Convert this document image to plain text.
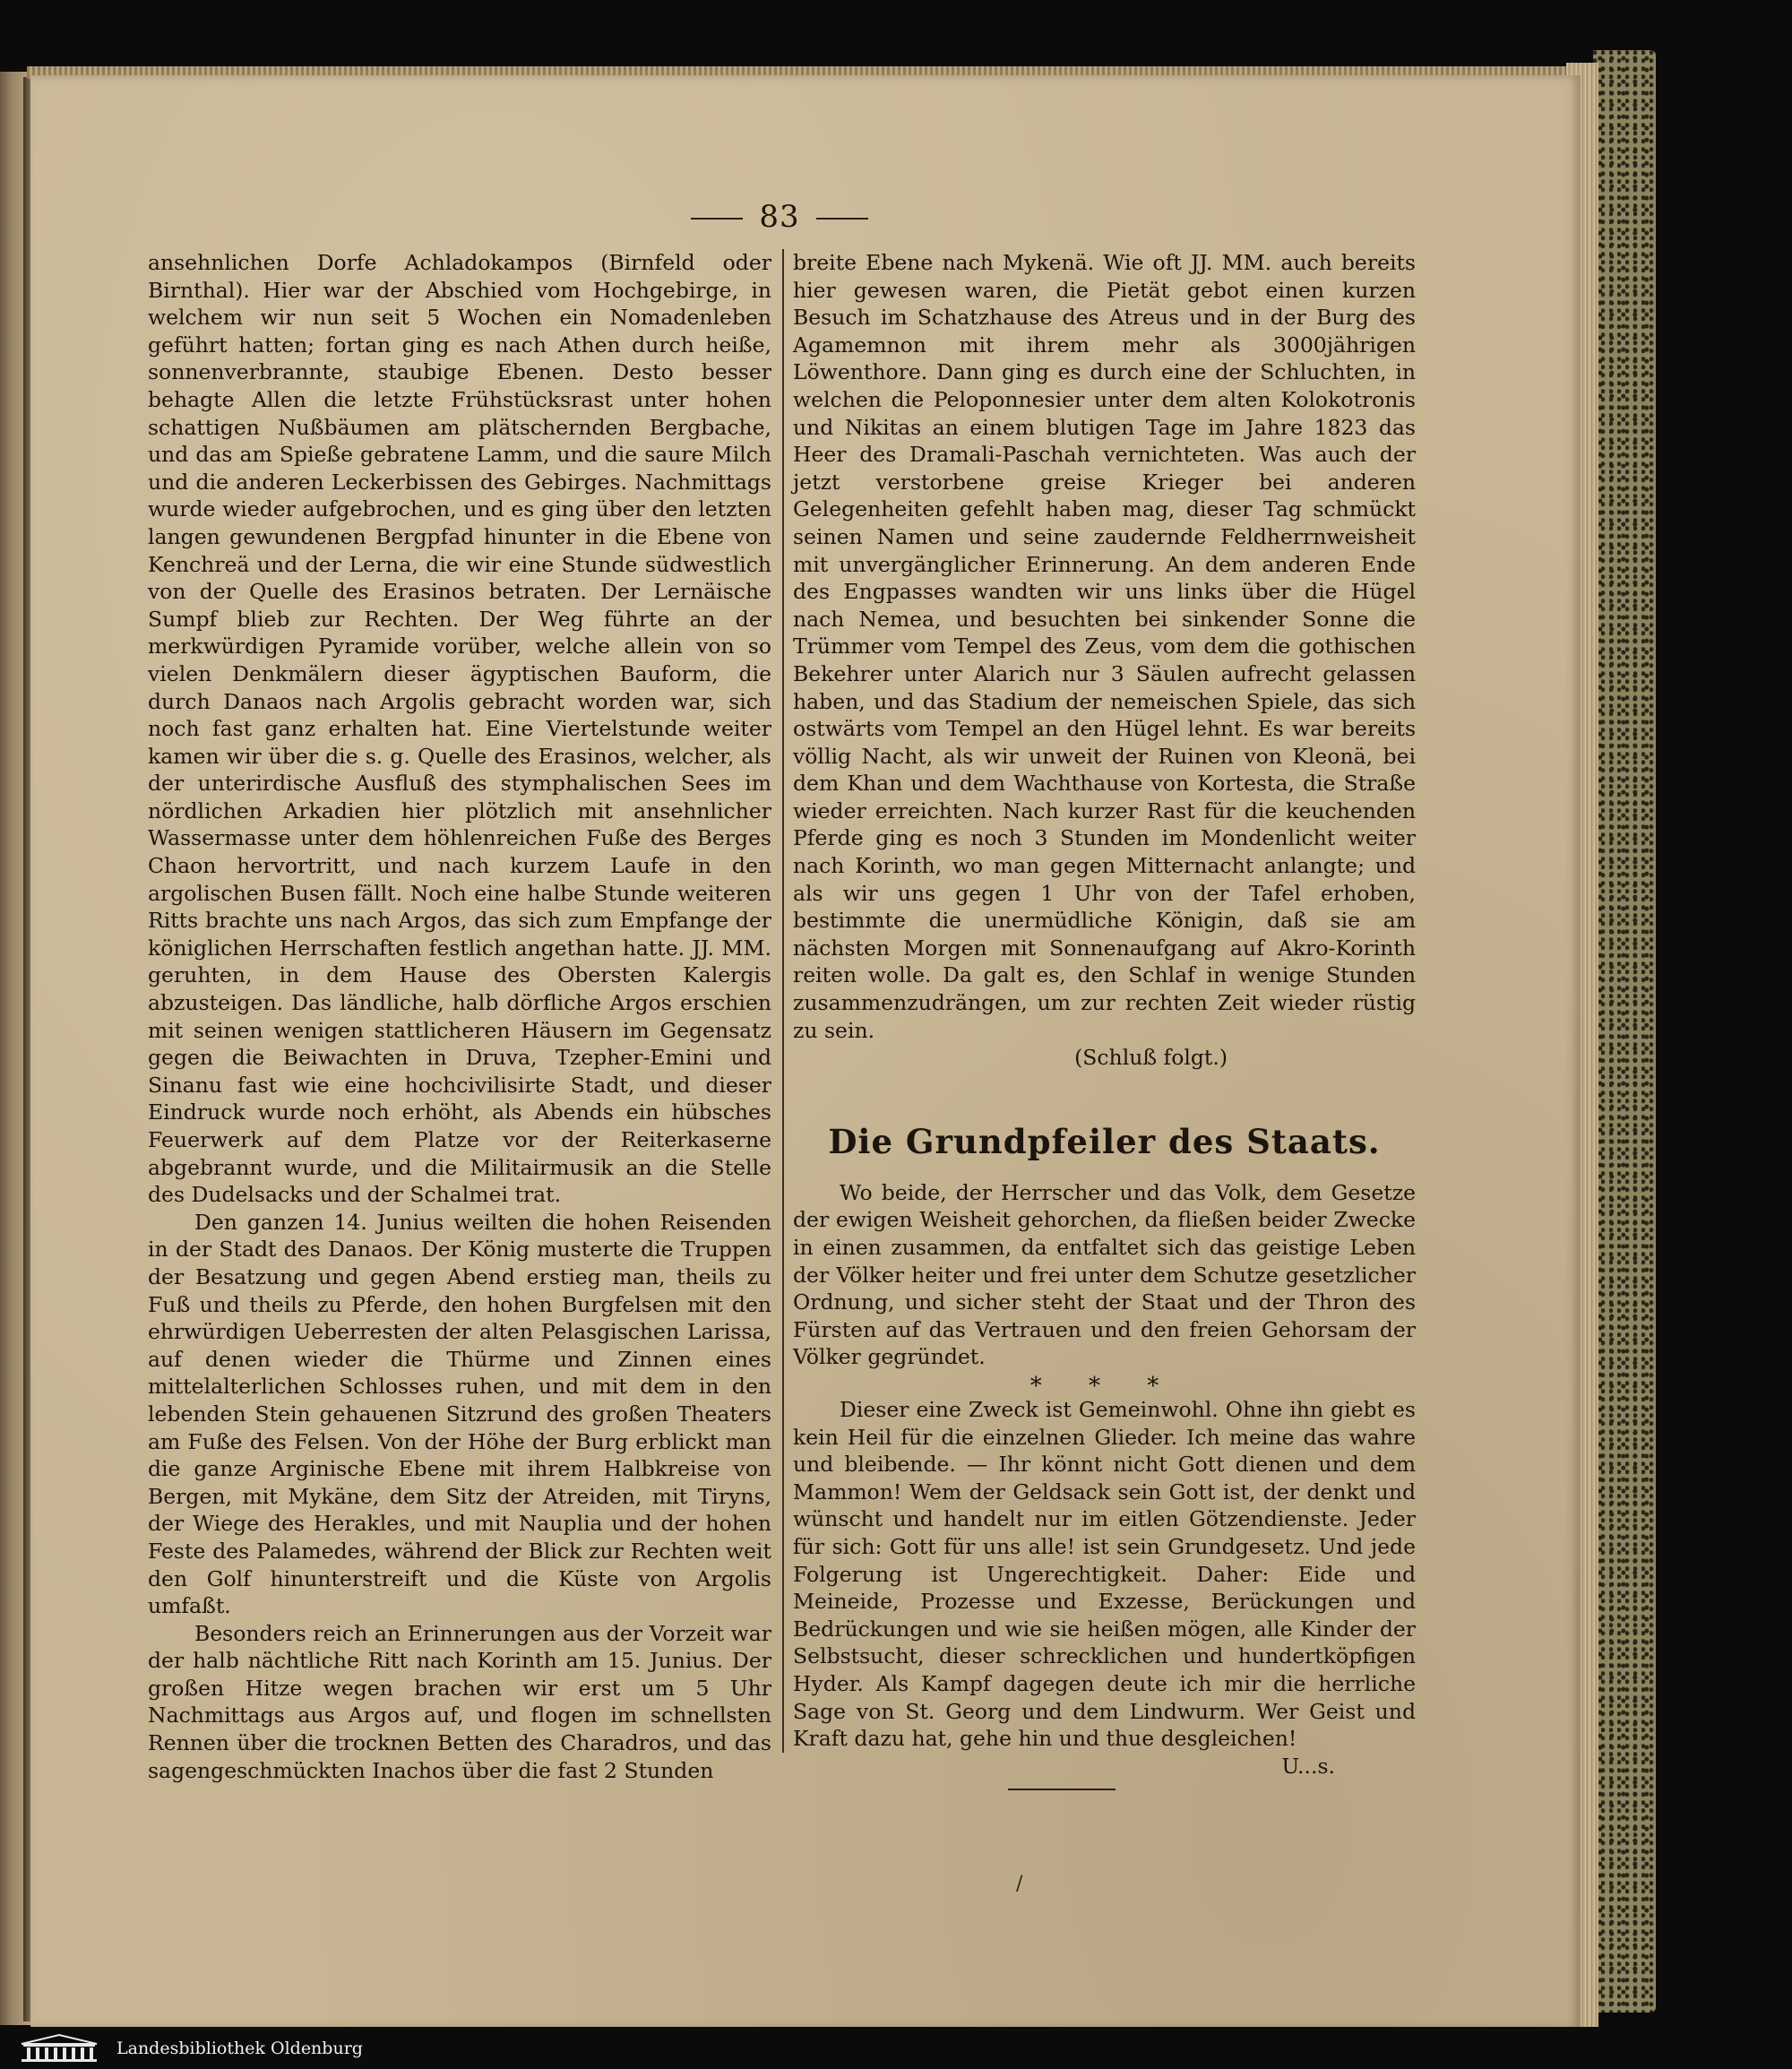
83

ansehnlichen Dorfe Achladokampos (Birnfeld oder Birnthal). Hier war der Abschied vom Hochgebirge, in welchem wir nun seit 5 Wochen ein Nomadenleben geführt hatten; fortan ging es nach Athen durch heiße, sonnenverbrannte, staubige Ebenen. Desto besser behagte Allen die letzte Frühstücksrast unter hohen schattigen Nußbäumen am plätschernden Bergbache, und das am Spieße gebratene Lamm, und die saure Milch und die anderen Leckerbissen des Gebirges. Nachmittags wurde wieder aufgebrochen, und es ging über den letzten langen gewundenen Bergpfad hinunter in die Ebene von Kenchreä und der Lerna, die wir eine Stunde südwestlich von der Quelle des Erasinos betraten. Der Lernäische Sumpf blieb zur Rechten. Der Weg führte an der merkwürdigen Pyramide vorüber, welche allein von so vielen Denkmälern dieser ägyptischen Bauform, die durch Danaos nach Argolis gebracht worden war, sich noch fast ganz erhalten hat. Eine Viertelstunde weiter kamen wir über die s. g. Quelle des Erasinos, welcher, als der unterirdische Ausfluß des stymphalischen Sees im nördlichen Arkadien hier plötzlich mit ansehnlicher Wassermasse unter dem höhlenreichen Fuße des Berges Chaon hervortritt, und nach kurzem Laufe in den argolischen Busen fällt. Noch eine halbe Stunde weiteren Ritts brachte uns nach Argos, das sich zum Empfange der königlichen Herrschaften festlich angethan hatte. JJ. MM. geruhten, in dem Hause des Obersten Kalergis abzusteigen. Das ländliche, halb dörfliche Argos erschien mit seinen wenigen stattlicheren Häusern im Gegensatz gegen die Beiwachten in Druva, Tzepher-Emini und Sinanu fast wie eine hochcivilisirte Stadt, und dieser Eindruck wurde noch erhöht, als Abends ein hübsches Feuerwerk auf dem Platze vor der Reiterkaserne abgebrannt wurde, und die Militairmusik an die Stelle des Dudelsacks und der Schalmei trat.

Den ganzen 14. Junius weilten die hohen Reisenden in der Stadt des Danaos. Der König musterte die Truppen der Besatzung und gegen Abend erstieg man, theils zu Fuß und theils zu Pferde, den hohen Burgfelsen mit den ehrwürdigen Ueberresten der alten Pelasgischen Larissa, auf denen wieder die Thürme und Zinnen eines mittelalterlichen Schlosses ruhen, und mit dem in den lebenden Stein gehauenen Sitzrund des großen Theaters am Fuße des Felsen. Von der Höhe der Burg erblickt man die ganze Arginische Ebene mit ihrem Halbkreise von Bergen, mit Mykäne, dem Sitz der Atreiden, mit Tiryns, der Wiege des Herakles, und mit Nauplia und der hohen Feste des Palamedes, während der Blick zur Rechten weit den Golf hinunterstreift und die Küste von Argolis umfaßt.

Besonders reich an Erinnerungen aus der Vorzeit war der halb nächtliche Ritt nach Korinth am 15. Junius. Der großen Hitze wegen brachen wir erst um 5 Uhr Nachmittags aus Argos auf, und flogen im schnellsten Rennen über die trocknen Betten des Charadros, und das sagengeschmückten Inachos über die fast 2 Stunden

breite Ebene nach Mykenä. Wie oft JJ. MM. auch bereits hier gewesen waren, die Pietät gebot einen kurzen Besuch im Schatzhause des Atreus und in der Burg des Agamemnon mit ihrem mehr als 3000jährigen Löwenthore. Dann ging es durch eine der Schluchten, in welchen die Peloponnesier unter dem alten Kolokotronis und Nikitas an einem blutigen Tage im Jahre 1823 das Heer des Dramali-Paschah vernichteten. Was auch der jetzt verstorbene greise Krieger bei anderen Gelegenheiten gefehlt haben mag, dieser Tag schmückt seinen Namen und seine zaudernde Feldherrnweisheit mit unvergänglicher Erinnerung. An dem anderen Ende des Engpasses wandten wir uns links über die Hügel nach Nemea, und besuchten bei sinkender Sonne die Trümmer vom Tempel des Zeus, vom dem die gothischen Bekehrer unter Alarich nur 3 Säulen aufrecht gelassen haben, und das Stadium der nemeischen Spiele, das sich ostwärts vom Tempel an den Hügel lehnt. Es war bereits völlig Nacht, als wir unweit der Ruinen von Kleonä, bei dem Khan und dem Wachthause von Kortesta, die Straße wieder erreichten. Nach kurzer Rast für die keuchenden Pferde ging es noch 3 Stunden im Mondenlicht weiter nach Korinth, wo man gegen Mitternacht anlangte; und als wir uns gegen 1 Uhr von der Tafel erhoben, bestimmte die unermüdliche Königin, daß sie am nächsten Morgen mit Sonnenaufgang auf Akro-Korinth reiten wolle. Da galt es, den Schlaf in wenige Stunden zusammenzudrängen, um zur rechten Zeit wieder rüstig zu sein.

(Schluß folgt.)

Die Grundpfeiler des Staats.

Wo beide, der Herrscher und das Volk, dem Gesetze der ewigen Weisheit gehorchen, da fließen beider Zwecke in einen zusammen, da entfaltet sich das geistige Leben der Völker heiter und frei unter dem Schutze gesetzlicher Ordnung, und sicher steht der Staat und der Thron des Fürsten auf das Vertrauen und den freien Gehorsam der Völker gegründet.

* * *

Dieser eine Zweck ist Gemeinwohl. Ohne ihn giebt es kein Heil für die einzelnen Glieder. Ich meine das wahre und bleibende. — Ihr könnt nicht Gott dienen und dem Mammon! Wem der Geldsack sein Gott ist, der denkt und wünscht und handelt nur im eitlen Götzendienste. Jeder für sich: Gott für uns alle! ist sein Grundgesetz. Und jede Folgerung ist Ungerechtigkeit. Daher: Eide und Meineide, Prozesse und Exzesse, Berückungen und Bedrückungen und wie sie heißen mögen, alle Kinder der Selbstsucht, dieser schrecklichen und hundertköpfigen Hyder. Als Kampf dagegen deute ich mir die herrliche Sage von St. Georg und dem Lindwurm. Wer Geist und Kraft dazu hat, gehe hin und thue desgleichen!
U...s.

/
Landesbibliothek Oldenburg
